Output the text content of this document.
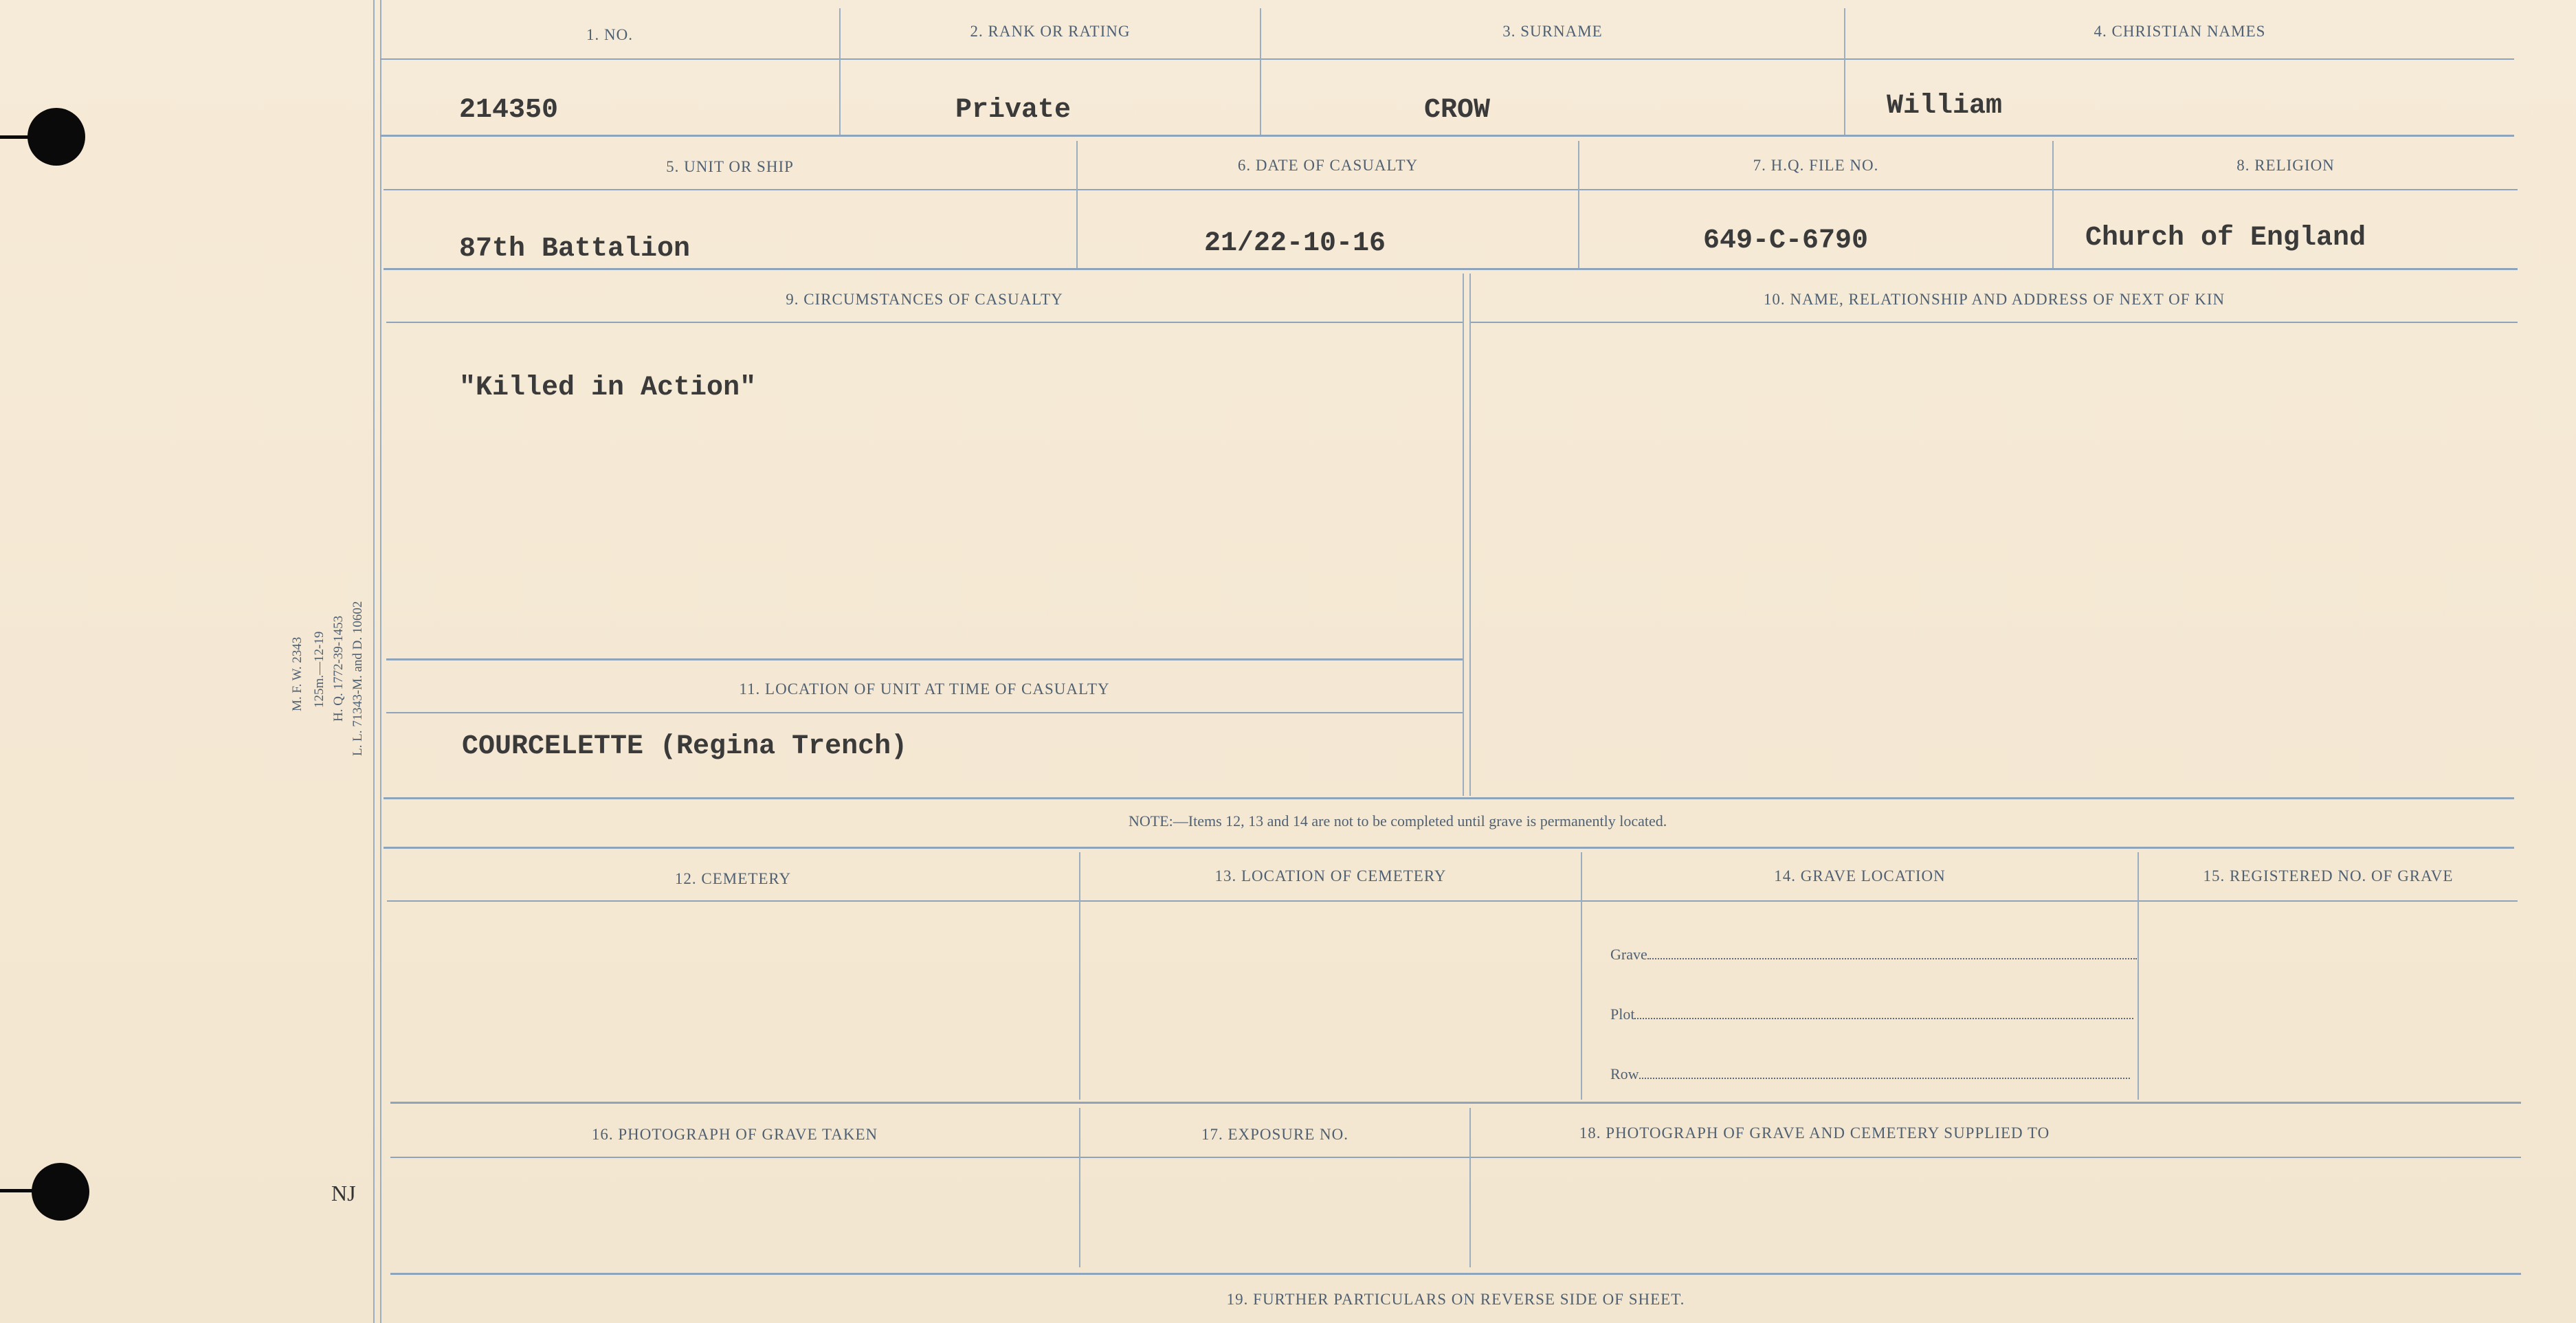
M. F. W. 2343 125m.—12-19 H. Q. 1772-39-1453 L. L. 71343-M. and D. 10602
NJ
1. NO.	2. RANK OR RATING	3. SURNAME	4. CHRISTIAN NAMES
214350	Private	CROW	William
5. UNIT OR SHIP	6. DATE OF CASUALTY	7. H.Q. FILE NO.	8. RELIGION
87th Battalion	21/22-10-16	649-C-6790	Church of England
9. CIRCUMSTANCES OF CASUALTY	10. NAME, RELATIONSHIP AND ADDRESS OF NEXT OF KIN
"Killed in Action"
11. LOCATION OF UNIT AT TIME OF CASUALTY
COURCELETTE (Regina Trench)
NOTE:—Items 12, 13 and 14 are not to be completed until grave is permanently located.
12. CEMETERY	13. LOCATION OF CEMETERY	14. GRAVE LOCATION	15. REGISTERED NO. OF GRAVE
Grave
Plot
Row
16. PHOTOGRAPH OF GRAVE TAKEN	17. EXPOSURE NO.	18. PHOTOGRAPH OF GRAVE AND CEMETERY SUPPLIED TO
19. FURTHER PARTICULARS ON REVERSE SIDE OF SHEET.
